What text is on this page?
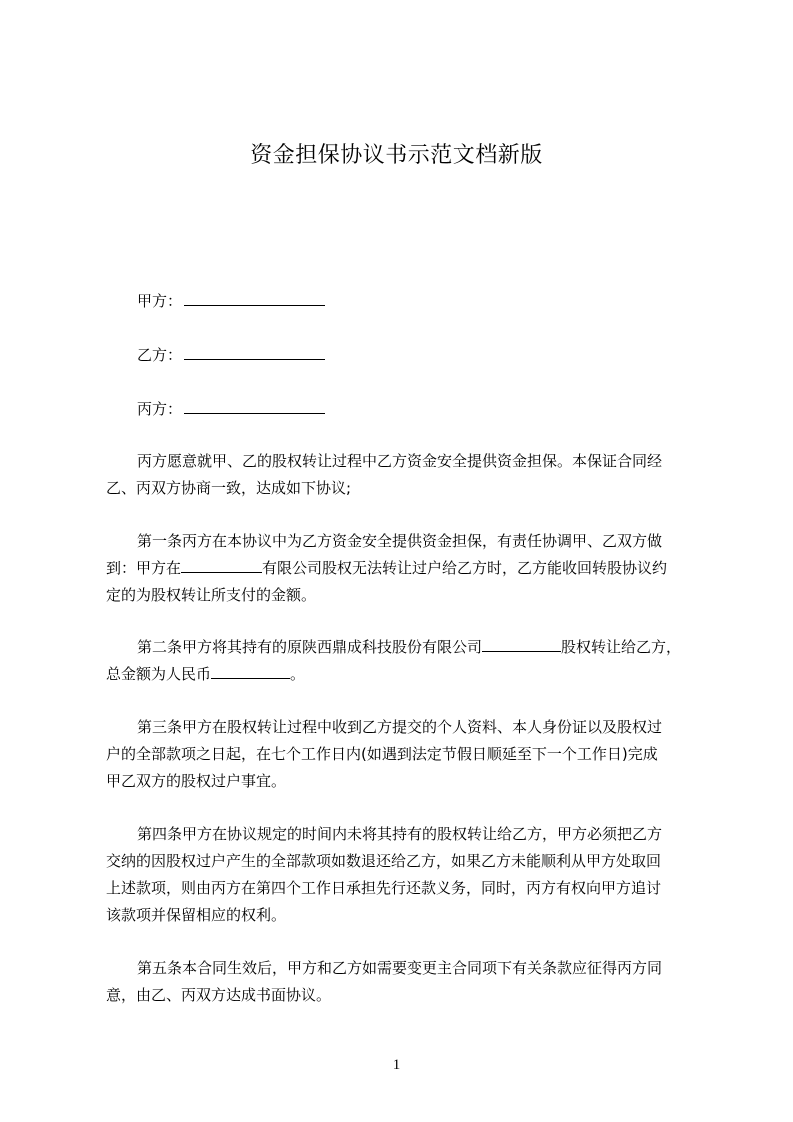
资金担保协议书示范文档新版
甲方：
乙方：
丙方：
丙方愿意就甲、乙的股权转让过程中乙方资金安全提供资金担保。本保证合同经
乙、丙双方协商一致，达成如下协议;
第一条丙方在本协议中为乙方资金安全提供资金担保，有责任协调甲、乙双方做
到：甲方在	有限公司股权无法转让过户给乙方时，乙方能收回转股协议约
定的为股权转让所支付的金额。
第二条甲方将其持有的原陕西鼎成科技股份有限公司	股权转让给乙方，
总金额为人民币	。
第三条甲方在股权转让过程中收到乙方提交的个人资料、本人身份证以及股权过
户的全部款项之日起，在七个工作日内(如遇到法定节假日顺延至下一个工作日)完成
甲乙双方的股权过户事宜。
第四条甲方在协议规定的时间内未将其持有的股权转让给乙方，甲方必须把乙方
交纳的因股权过户产生的全部款项如数退还给乙方，如果乙方未能顺利从甲方处取回
上述款项，则由丙方在第四个工作日承担先行还款义务，同时，丙方有权向甲方追讨
该款项并保留相应的权利。
第五条本合同生效后，甲方和乙方如需要变更主合同项下有关条款应征得丙方同
意，由乙、丙双方达成书面协议。
1
